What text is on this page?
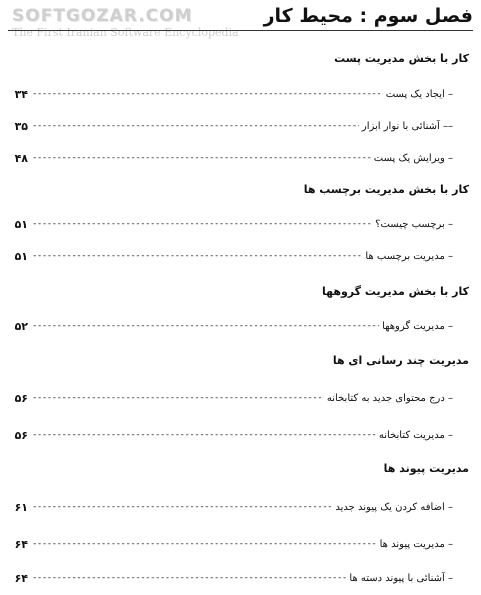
SOFTGOZAR.COM
The First Iranian Software Encyclopedia
فصل سوم : محیط کار
کار با بخش مدیریت پست
– ایجاد یک پست
-----
۳۴
–– آشنائی با نوار ابزار
-----
۳۵
– ویرایش یک پست
-----
۴۸
کار با بخش مدیریت برچسب ها
– برچسب چیست؟
-----
۵۱
– مدیریت برچسب ها
-----
۵۱
کار با بخش مدیریت گروهها
– مدیریت گروهها
-----
۵۲
مدیریت چند رسانی ای ها
– درج محتوای جدید به کتابخانه
-----
۵۶
– مدیریت کتابخانه
-----
۵۶
مدیریت پیوند ها
– اضافه کردن یک پیوند جدید
-----
۶۱
– مدیریت پیوند ها
-----
۶۴
– آشنائی با پیوند دسته ها
-----
۶۴
